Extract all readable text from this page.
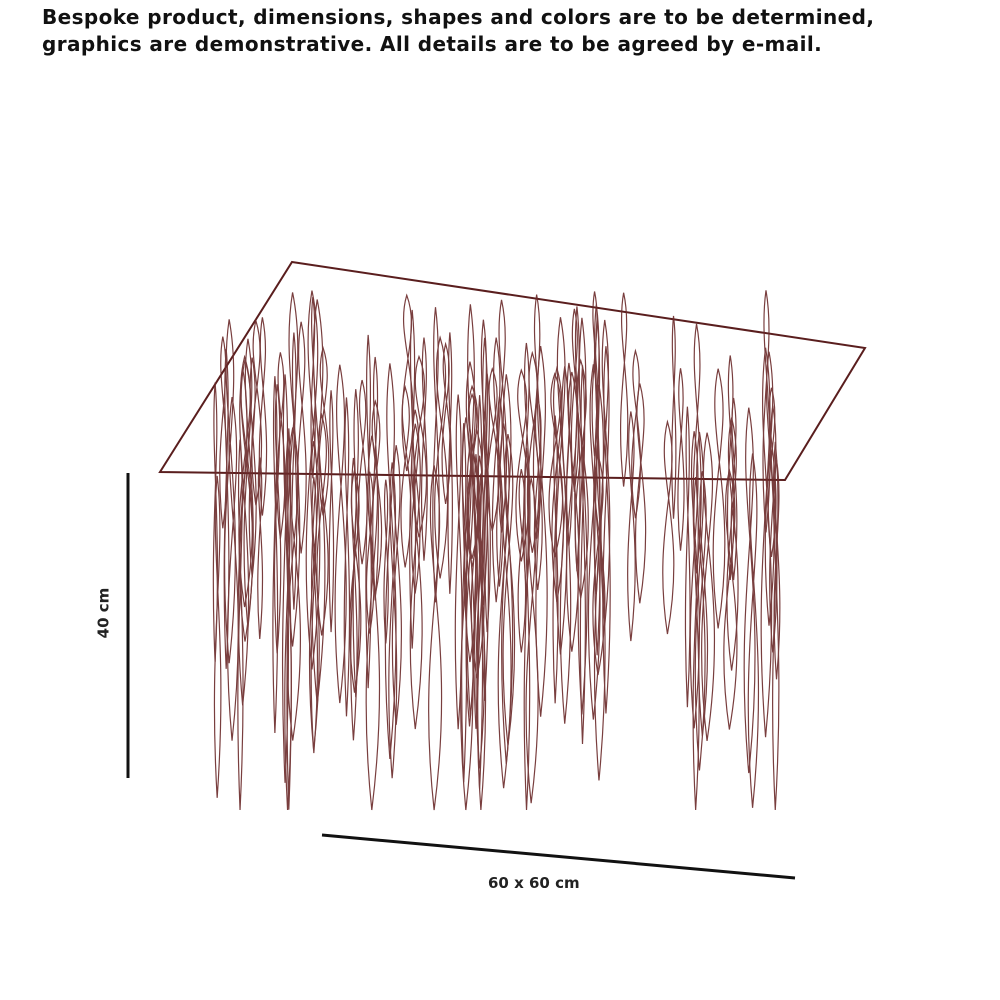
Bespoke product, dimensions, shapes and colors are to be determined, graphics are demonstrative. All details are to be agreed by e-mail.

40 cm
60 x 60 cm
